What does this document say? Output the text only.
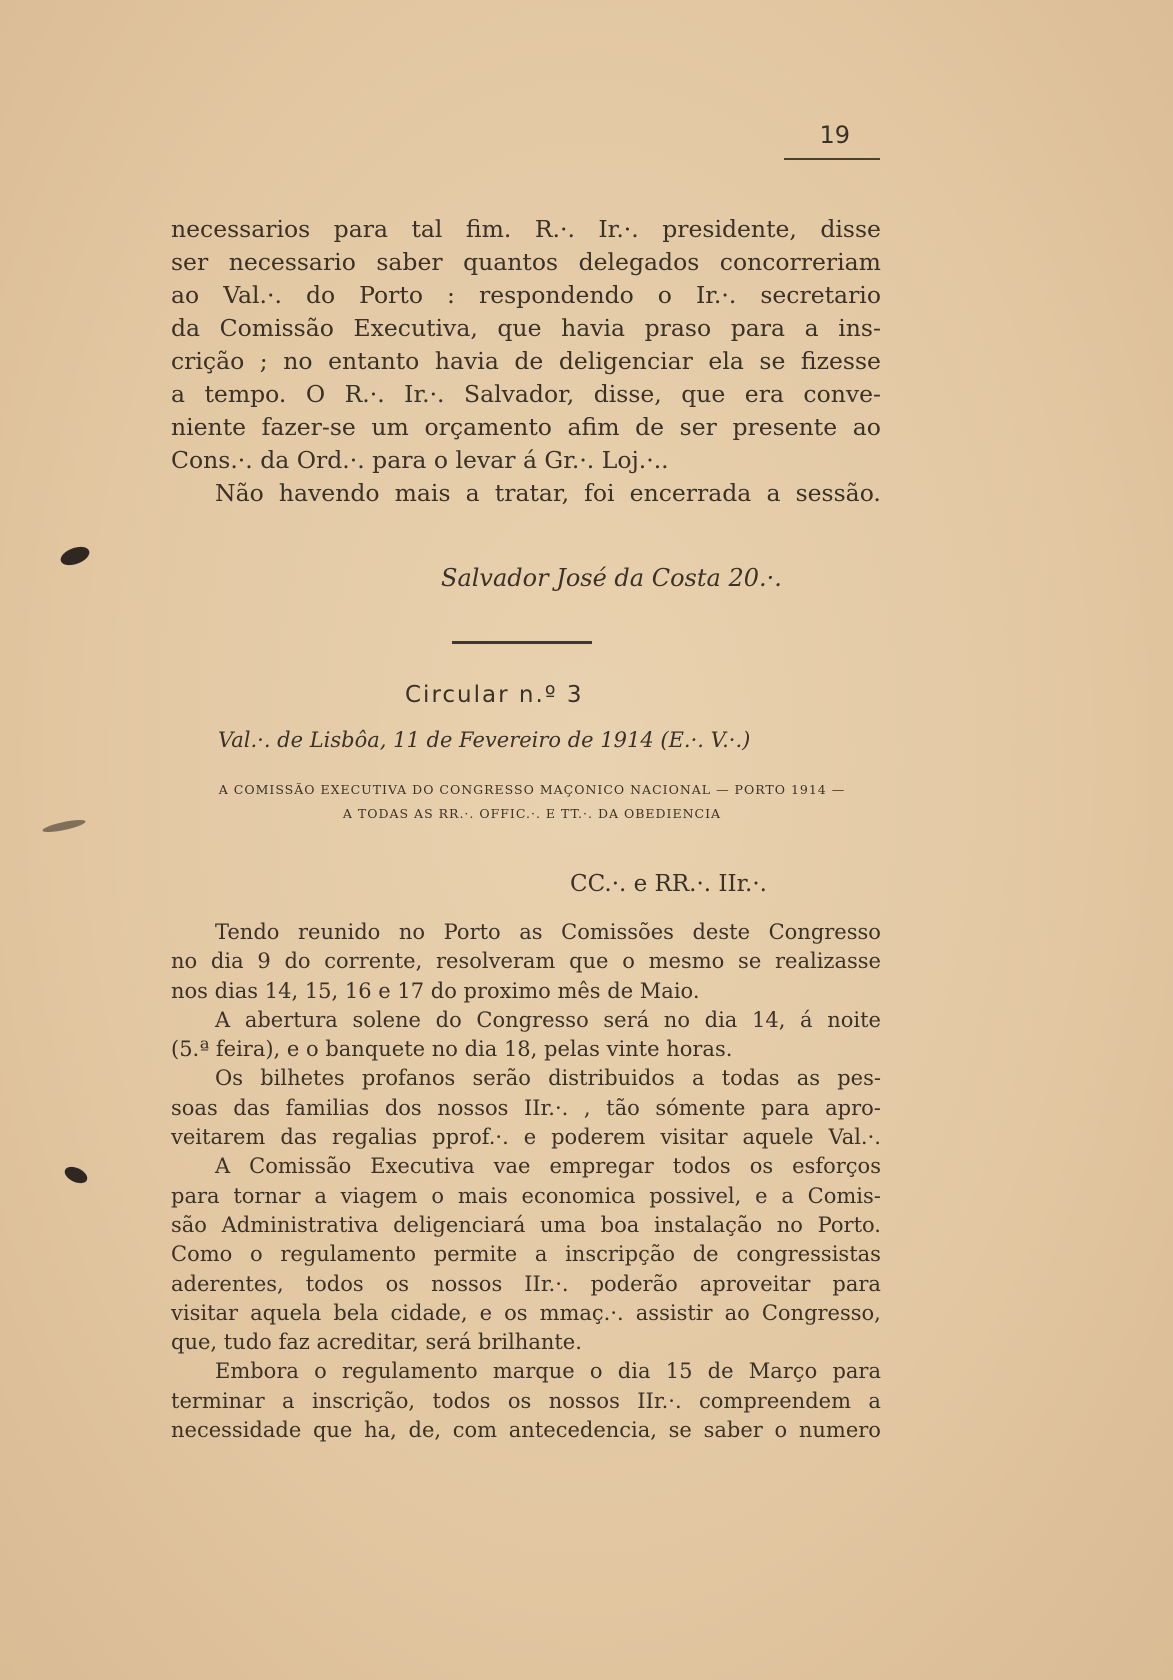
19
necessarios para tal fim. R.·. Ir.·. presidente, disse
ser necessario saber quantos delegados concorreriam
ao Val.·. do Porto : respondendo o Ir.·. secretario
da Comissão Executiva, que havia praso para a ins-
crição ; no entanto havia de deligenciar ela se fizesse
a tempo. O R.·. Ir.·. Salvador, disse, que era conve-
niente fazer-se um orçamento afim de ser presente ao
Cons.·. da Ord.·. para o levar á Gr.·. Loj.·..
Não havendo mais a tratar, foi encerrada a sessão.
Salvador José da Costa 20.·.
Circular n.º 3
Val.·. de Lisbôa, 11 de Fevereiro de 1914 (E.·. V.·.)
A COMISSÃO EXECUTIVA DO CONGRESSO MAÇONICO NACIONAL — PORTO 1914 —
A TODAS AS RR.·. OFFIC.·. E TT.·. DA OBEDIENCIA
CC.·. e RR.·. IIr.·.
Tendo reunido no Porto as Comissões deste Congresso
no dia 9 do corrente, resolveram que o mesmo se realizasse
nos dias 14, 15, 16 e 17 do proximo mês de Maio.
A abertura solene do Congresso será no dia 14, á noite
(5.ª feira), e o banquete no dia 18, pelas vinte horas.
Os bilhetes profanos serão distribuidos a todas as pes-
soas das familias dos nossos IIr.·. , tão sómente para apro-
veitarem das regalias pprof.·. e poderem visitar aquele Val.·.
A Comissão Executiva vae empregar todos os esforços
para tornar a viagem o mais economica possivel, e a Comis-
são Administrativa deligenciará uma boa instalação no Porto.
Como o regulamento permite a inscripção de congressistas
aderentes, todos os nossos IIr.·. poderão aproveitar para
visitar aquela bela cidade, e os mmaç.·. assistir ao Congresso,
que, tudo faz acreditar, será brilhante.
Embora o regulamento marque o dia 15 de Março para
terminar a inscrição, todos os nossos IIr.·. compreendem a
necessidade que ha, de, com antecedencia, se saber o numero
